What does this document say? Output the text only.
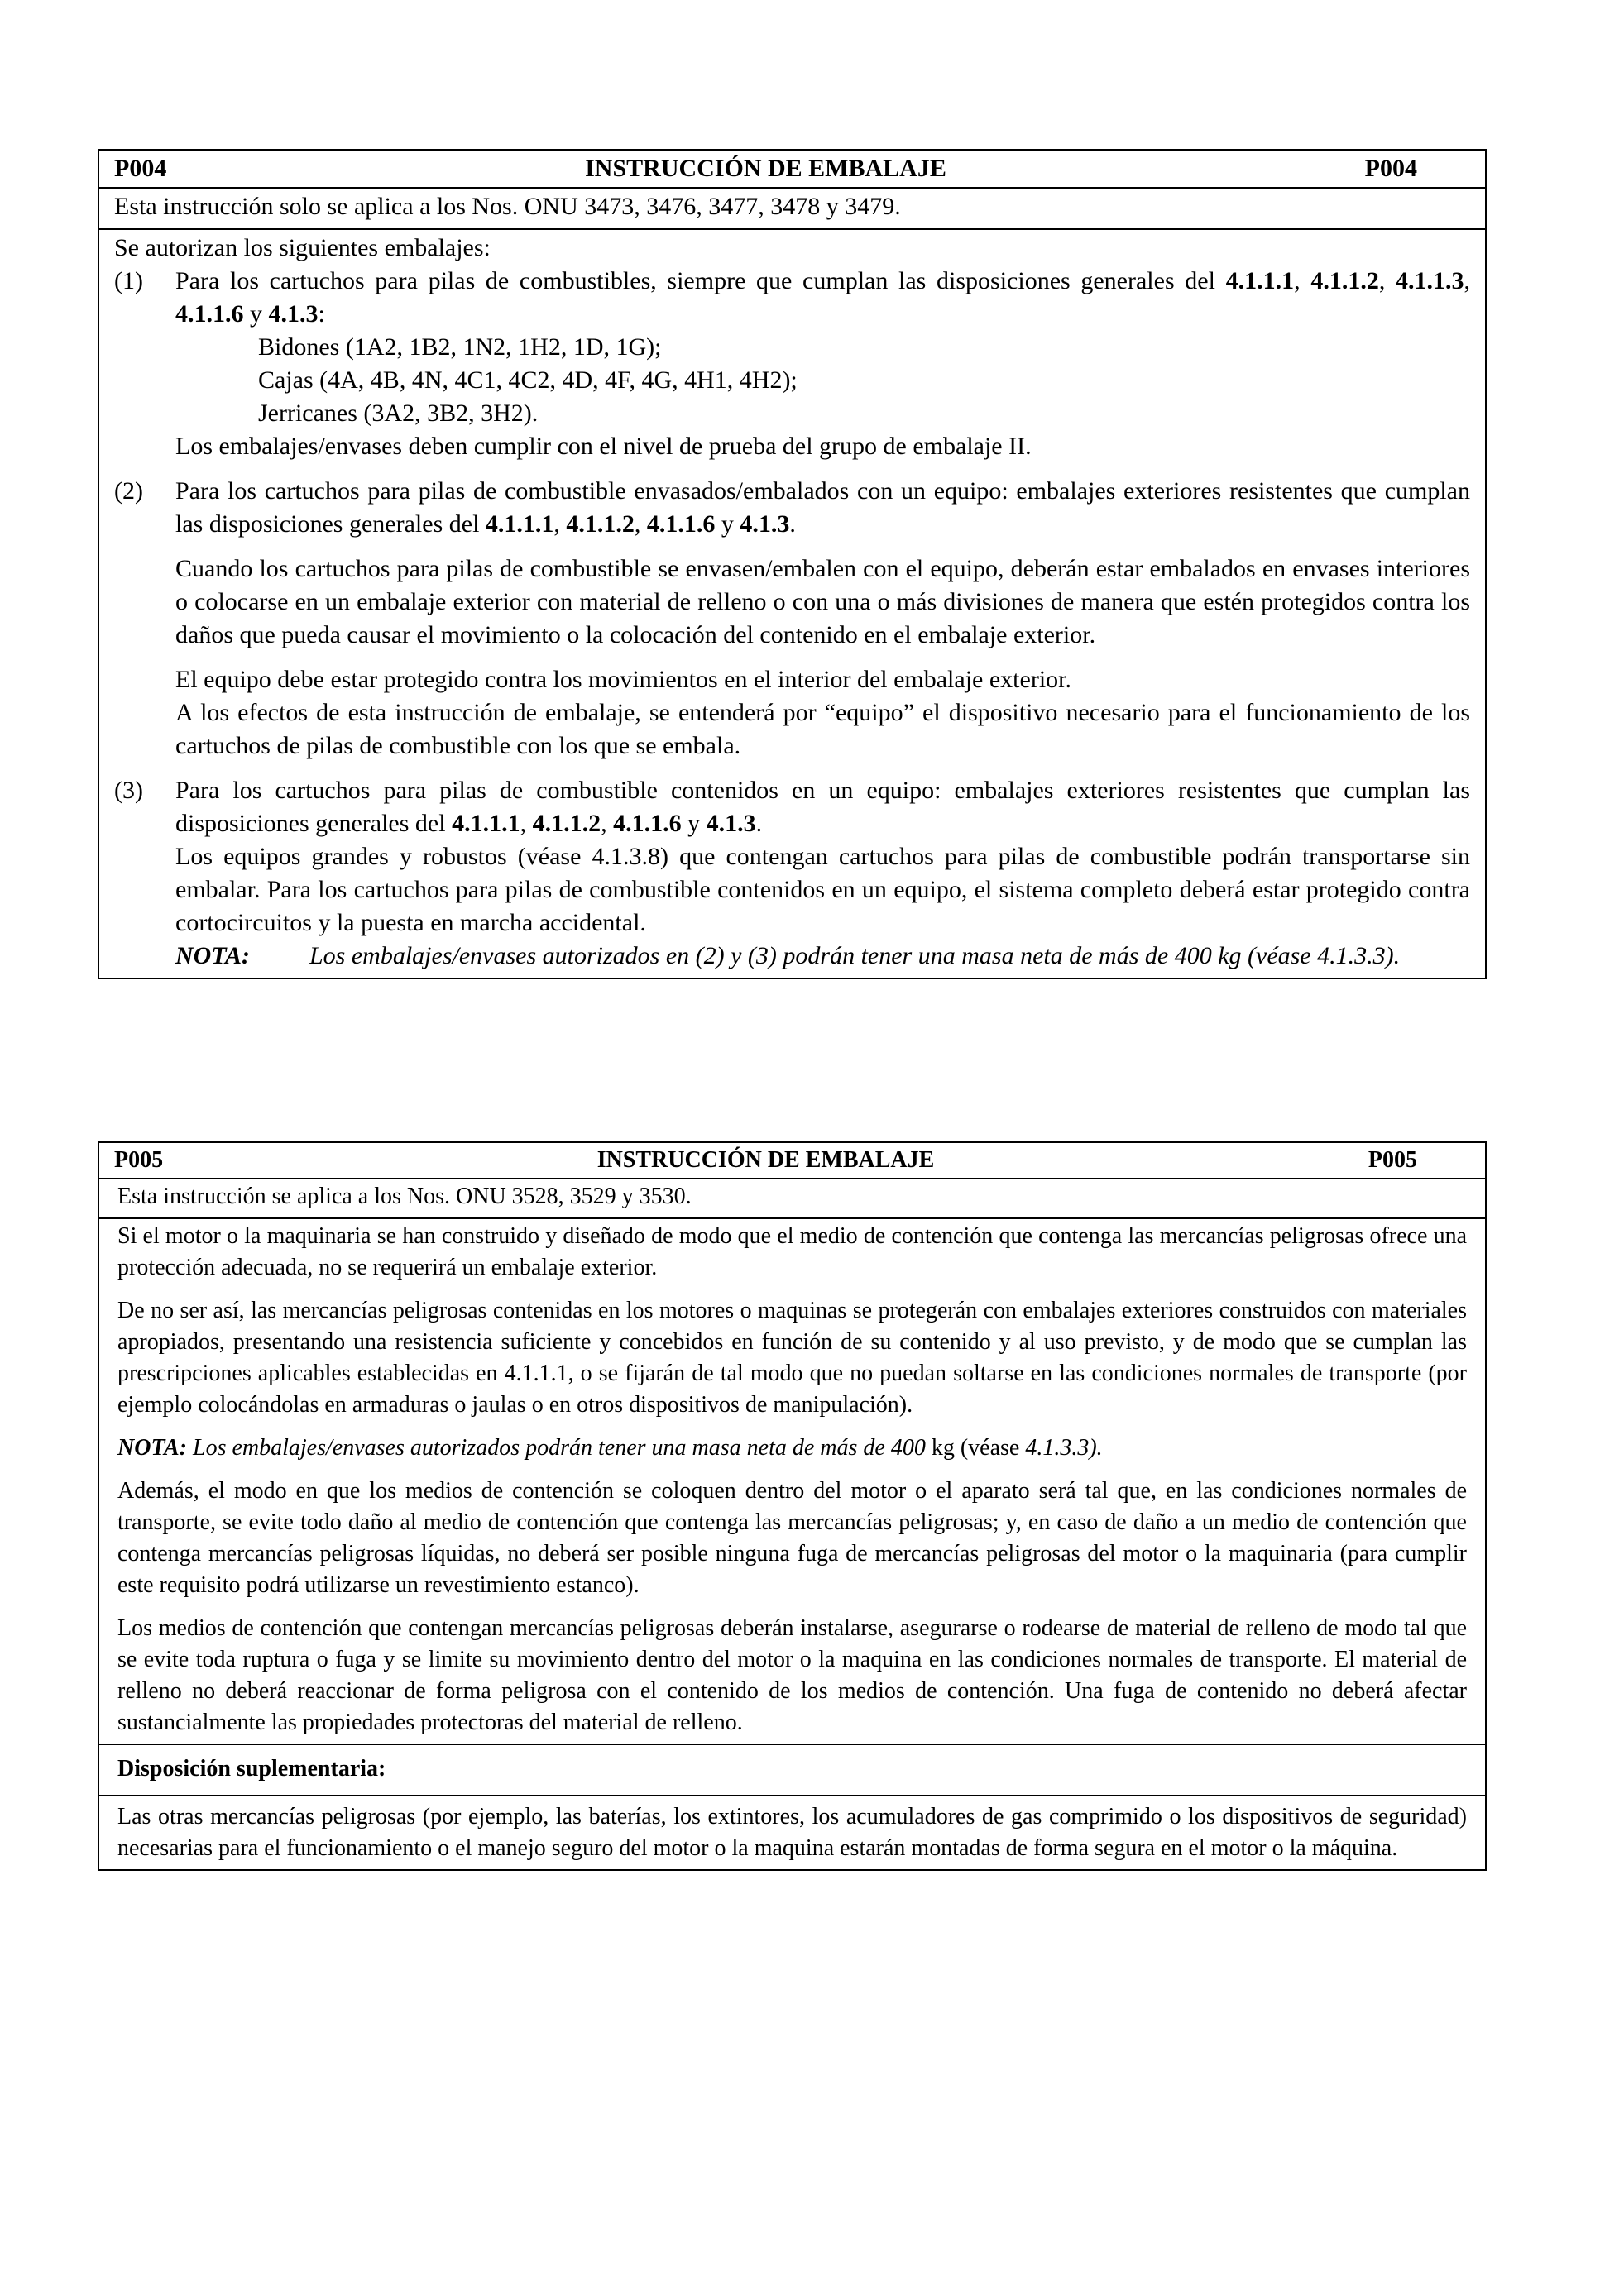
P004	INSTRUCCIÓN DE EMBALAJE	P004

Esta instrucción solo se aplica a los Nos. ONU 3473, 3476, 3477, 3478 y 3479.

Se autorizan los siguientes embalajes:

(1)	Para los cartuchos para pilas de combustibles, siempre que cumplan las disposiciones generales del 4.1.1.1, 4.1.1.2, 4.1.1.3, 4.1.1.6 y 4.1.3:

Bidones (1A2, 1B2, 1N2, 1H2, 1D, 1G);

Cajas (4A, 4B, 4N, 4C1, 4C2, 4D, 4F, 4G, 4H1, 4H2);

Jerricanes (3A2, 3B2, 3H2).

Los embalajes/envases deben cumplir con el nivel de prueba del grupo de embalaje II.

(2)	Para los cartuchos para pilas de combustible envasados/embalados con un equipo: embalajes exteriores resistentes que cumplan las disposiciones generales del 4.1.1.1, 4.1.1.2, 4.1.1.6 y 4.1.3.

Cuando los cartuchos para pilas de combustible se envasen/embalen con el equipo, deberán estar embalados en envases interiores o colocarse en un embalaje exterior con material de relleno o con una o más divisiones de manera que estén protegidos contra los daños que pueda causar el movimiento o la colocación del contenido en el embalaje exterior.

El equipo debe estar protegido contra los movimientos en el interior del embalaje exterior.

A los efectos de esta instrucción de embalaje, se entenderá por “equipo” el dispositivo necesario para el funcionamiento de los cartuchos de pilas de combustible con los que se embala.

(3)	Para los cartuchos para pilas de combustible contenidos en un equipo: embalajes exteriores resistentes que cumplan las disposiciones generales del 4.1.1.1, 4.1.1.2, 4.1.1.6 y 4.1.3.

Los equipos grandes y robustos (véase 4.1.3.8) que contengan cartuchos para pilas de combustible podrán transportarse sin embalar. Para los cartuchos para pilas de combustible contenidos en un equipo, el sistema completo deberá estar protegido contra cortocircuitos y la puesta en marcha accidental.

NOTA:	Los embalajes/envases autorizados en (2) y (3) podrán tener una masa neta de más de 400 kg (véase 4.1.3.3).
P005	INSTRUCCIÓN DE EMBALAJE	P005

Esta instrucción se aplica a los Nos. ONU 3528, 3529 y 3530.

Si el motor o la maquinaria se han construido y diseñado de modo que el medio de contención que contenga las mercancías peligrosas ofrece una protección adecuada, no se requerirá un embalaje exterior.

De no ser así, las mercancías peligrosas contenidas en los motores o maquinas se protegerán con embalajes exteriores construidos con materiales apropiados, presentando una resistencia suficiente y concebidos en función de su contenido y al uso previsto, y de modo que se cumplan las prescripciones aplicables establecidas en 4.1.1.1, o se fijarán de tal modo que no puedan soltarse en las condiciones normales de transporte (por ejemplo colocándolas en armaduras o jaulas o en otros dispositivos de manipulación).

NOTA: Los embalajes/envases autorizados podrán tener una masa neta de más de 400 kg (véase 4.1.3.3).

Además, el modo en que los medios de contención se coloquen dentro del motor o el aparato será tal que, en las condiciones normales de transporte, se evite todo daño al medio de contención que contenga las mercancías peligrosas; y, en caso de daño a un medio de contención que contenga mercancías peligrosas líquidas, no deberá ser posible ninguna fuga de mercancías peligrosas del motor o la maquinaria (para cumplir este requisito podrá utilizarse un revestimiento estanco).

Los medios de contención que contengan mercancías peligrosas deberán instalarse, asegurarse o rodearse de material de relleno de modo tal que se evite toda ruptura o fuga y se limite su movimiento dentro del motor o la maquina en las condiciones normales de transporte. El material de relleno no deberá reaccionar de forma peligrosa con el contenido de los medios de contención. Una fuga de contenido no deberá afectar sustancialmente las propiedades protectoras del material de relleno.

Disposición suplementaria:

Las otras mercancías peligrosas (por ejemplo, las baterías, los extintores, los acumuladores de gas comprimido o los dispositivos de seguridad) necesarias para el funcionamiento o el manejo seguro del motor o la maquina estarán montadas de forma segura en el motor o la máquina.
